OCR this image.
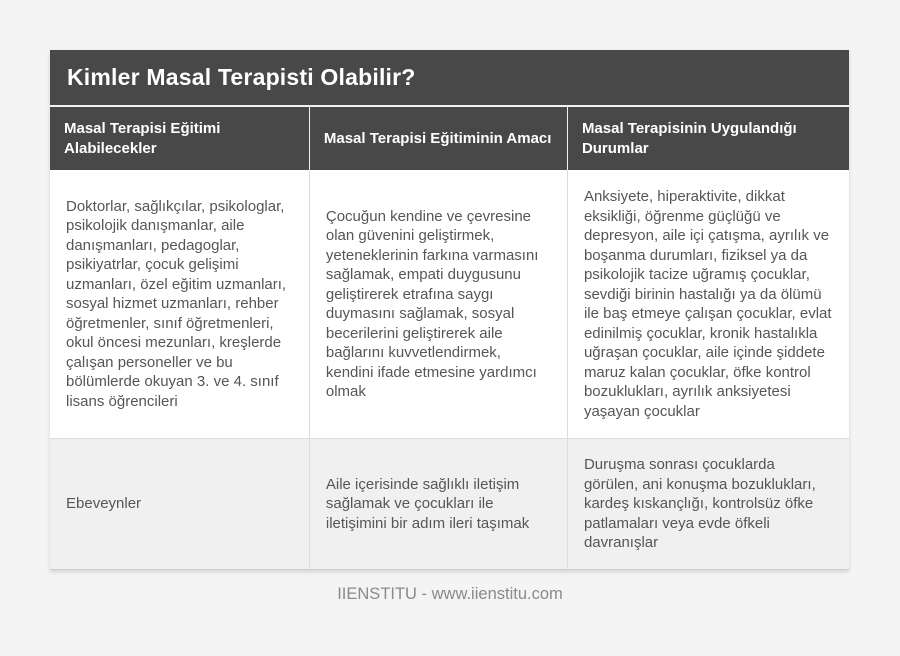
Kimler Masal Terapisti Olabilir?
Masal Terapisi Eğitimi Alabilecekler
Masal Terapisi Eğitiminin Amacı
Masal Terapisinin Uygulandığı Durumlar
Doktorlar, sağlıkçılar, psikologlar, psikolojik danışmanlar, aile danışmanları, pedagoglar, psikiyatrlar, çocuk gelişimi uzmanları, özel eğitim uzmanları, sosyal hizmet uzmanları, rehber öğretmenler, sınıf öğretmenleri, okul öncesi mezunları, kreşlerde çalışan personeller ve bu bölümlerde okuyan 3. ve 4. sınıf lisans öğrencileri
Çocuğun kendine ve çevresine olan güvenini geliştirmek, yeteneklerinin farkına varmasını sağlamak, empati duygusunu geliştirerek etrafına saygı duymasını sağlamak, sosyal becerilerini geliştirerek aile bağlarını kuvvetlendirmek, kendini ifade etmesine yardımcı olmak
Anksiyete, hiperaktivite, dikkat eksikliği, öğrenme güçlüğü ve depresyon, aile içi çatışma, ayrılık ve boşanma durumları, fiziksel ya da psikolojik tacize uğramış çocuklar, sevdiği birinin hastalığı ya da ölümü ile baş etmeye çalışan çocuklar, evlat edinilmiş çocuklar, kronik hastalıkla uğraşan çocuklar, aile içinde şiddete maruz kalan çocuklar, öfke kontrol bozuklukları, ayrılık anksiyetesi yaşayan çocuklar
Ebeveynler
Aile içerisinde sağlıklı iletişim sağlamak ve çocukları ile iletişimini bir adım ileri taşımak
Duruşma sonrası çocuklarda görülen, ani konuşma bozuklukları, kardeş kıskançlığı, kontrolsüz öfke patlamaları veya evde öfkeli davranışlar
IIENSTITU - www.iienstitu.com
